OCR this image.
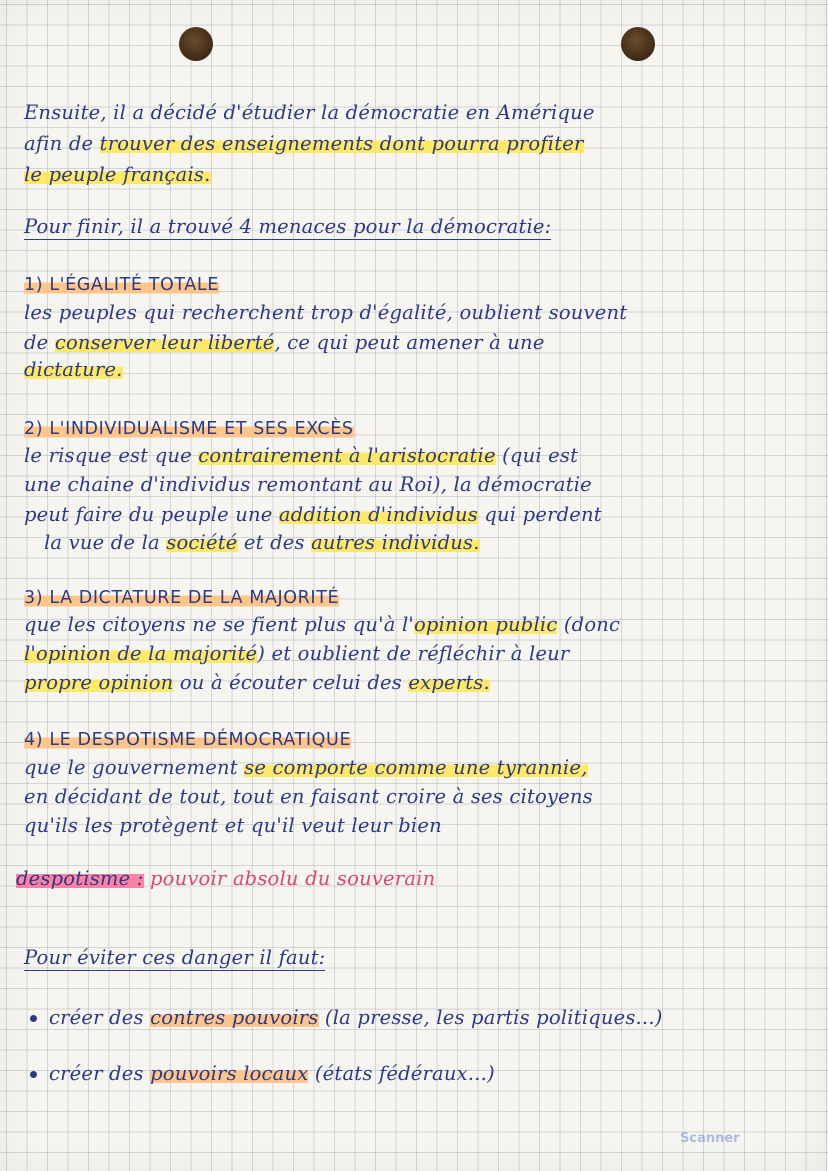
Ensuite, il a décidé d'étudier la démocratie en Amérique
afin de trouver des enseignements dont pourra profiter
le peuple français.
Pour finir, il a trouvé 4 menaces pour la démocratie:
1) L'ÉGALITÉ TOTALE
les peuples qui recherchent trop d'égalité, oublient souvent
de conserver leur liberté, ce qui peut amener à une
dictature.
2) L'INDIVIDUALISME ET SES EXCÈS
le risque est que contrairement à l'aristocratie (qui est
une chaine d'individus remontant au Roi), la démocratie
peut faire du peuple une addition d'individus qui perdent
la vue de la société et des autres individus.
3) LA DICTATURE DE LA MAJORITÉ
que les citoyens ne se fient plus qu'à l'opinion public (donc
l'opinion de la majorité) et oublient de réfléchir à leur
propre opinion ou à écouter celui des experts.
4) LE DESPOTISME DÉMOCRATIQUE
que le gouvernement se comporte comme une tyrannie,
en décidant de tout, tout en faisant croire à ses citoyens
qu'ils les protègent et qu'il veut leur bien
despotisme : pouvoir absolu du souverain
Pour éviter ces danger il faut:
créer des contres pouvoirs (la presse, les partis politiques...)
créer des pouvoirs locaux (états fédéraux...)
Scanner
